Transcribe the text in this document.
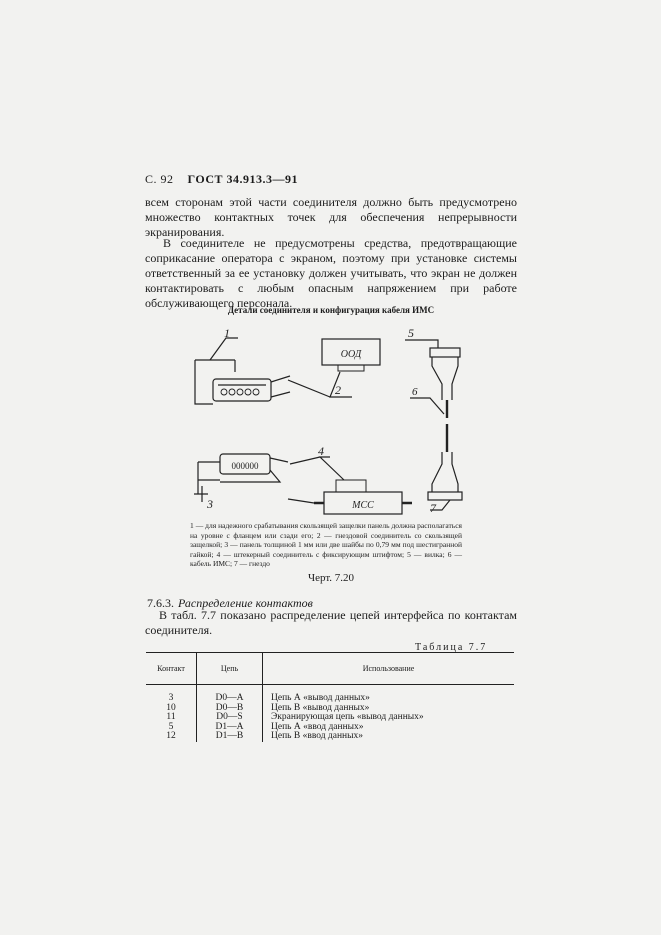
С. 92 ГОСТ 34.913.3—91
всем сторонам этой части соединителя должно быть предусмотрено множество контактных точек для обеспечения непрерывности экранирования.
В соединителе не предусмотрены средства, предотвращающие соприкасание оператора с экраном, поэтому при установке системы ответственный за ее установку должен учитывать, что экран не должен контактировать с любым опасным напряжением при работе обслуживающего персонала.
Детали соединителя и конфигурация кабеля ИМС
1
ООД
2
5
6
000000
3	МСС
4
7
1 — для надежного срабатывания скользящей защелки панель должна располагаться на уровне с фланцем или сзади его; 2 — гнездовой соединитель со скользящей защелкой; 3 — панель толщиной 1 мм или две шайбы по 0,79 мм под шестигранной гайкой; 4 — штекерный соединитель с фиксирующим штифтом; 5 — вилка; 6 — кабель ИМС; 7 — гнездо
Черт. 7.20
7.6.3. Распределение контактов
В табл. 7.7 показано распределение цепей интерфейса по контактам соединителя.
Таблица 7.7
Контакт	Цепь	Использование
3	D0—A	Цепь А «вывод данных»
10	D0—B	Цепь В «вывод данных»
11	D0—S	Экранирующая цепь «вывод данных»
5	D1—A	Цепь А «ввод данных»
12	D1—B	Цепь В «ввод данных»
